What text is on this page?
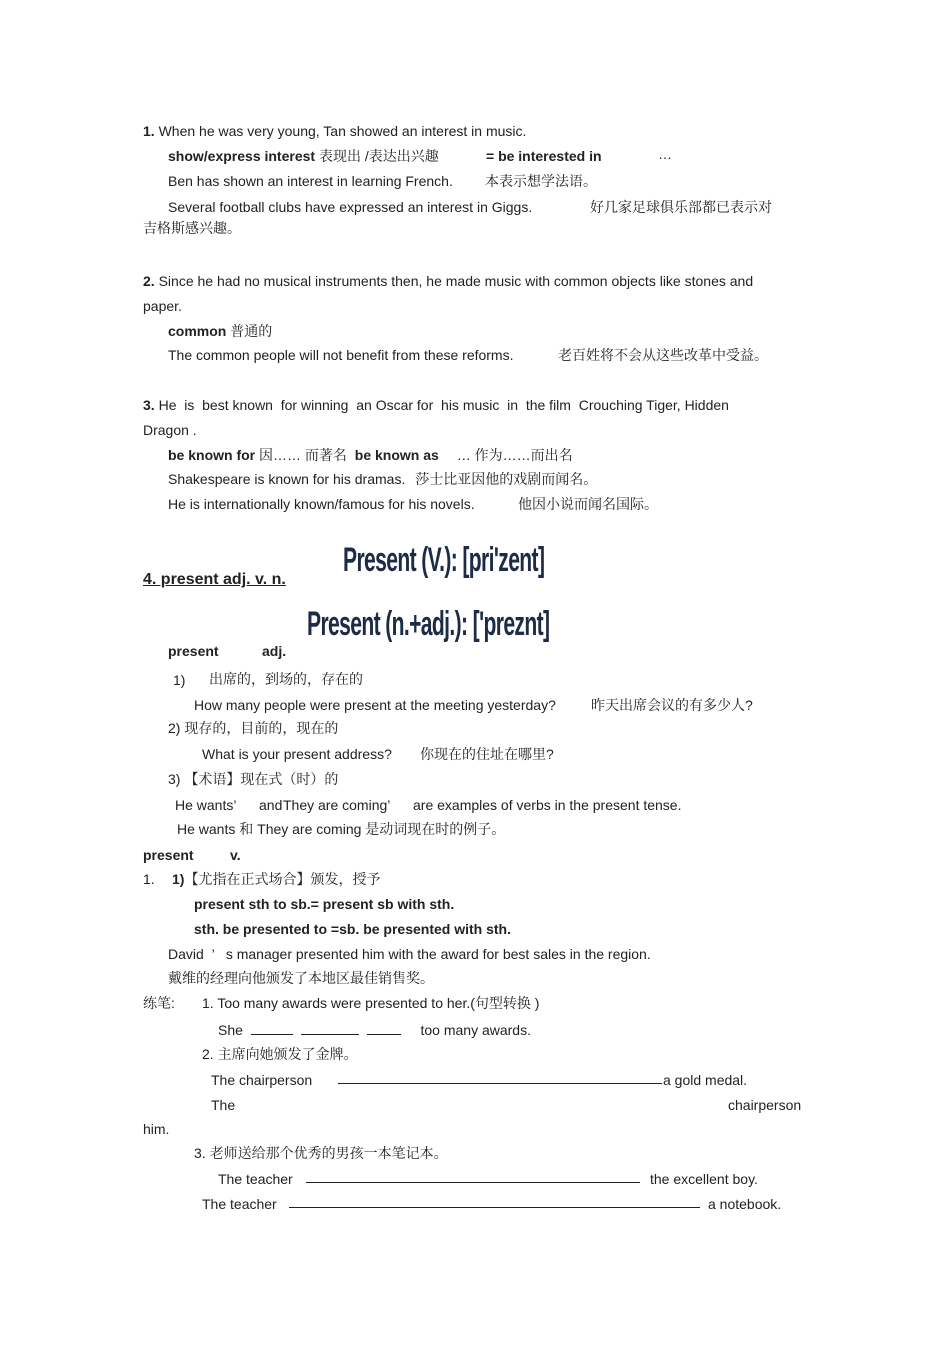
1. When he was very young, Tan showed an interest in music.
show/express interest 表现出 /表达出兴趣	= be interested in	…
Ben has shown an interest in learning French. 本表示想学法语。
Several football clubs have expressed an interest in Giggs.	好几家足球俱乐部都已表示对
吉格斯感兴趣。
2. Since he had no musical instruments then, he made music with common objects like stones and
paper.
common 普通的
The common people will not benefit from these reforms.	老百姓将不会从这些改革中受益。
3. He  is  best known  for winning  an Oscar for  his music  in  the film  Crouching Tiger, Hidden
Dragon .
be known for 因…… 而著名 be known as … 作为……而出名
Shakespeare is known for his dramas. 莎士比亚因他的戏剧而闻名。
He is internationally known/famous for his novels.	他因小说而闻名国际。
4. present adj. v. n.
Present (V.): [pri'zent]
Present (n.+adj.): ['preznt]
present	adj.
1) 出席的，到场的，存在的
How many people were present at the meeting yesterday?	昨天出席会议的有多少人?
2) 现存的，目前的，现在的
What is your present address? 你现在的住址在哪里?
3) 【术语】现在式（时）的
He wants’ and They are coming’ are examples of verbs in the present tense.
He wants 和 They are coming 是动词现在时的例子。
present	v.
1. 1)【尤指在正式场合】颁发，授予
present sth to sb.= present sb with sth.
sth. be presented to =sb. be presented with sth.
David  ’   s manager presented him with the award for best sales in the region.
戴维的经理向他颁发了本地区最佳销售奖。
练笔: 1. Too many awards were presented to her.(句型转换 )
She	too many awards.
2. 主席向她颁发了金牌。
The chairperson	a gold medal.
The	chairperson
him.
3. 老师送给那个优秀的男孩一本笔记本。
The teacher	the excellent boy.
The teacher	a notebook.
